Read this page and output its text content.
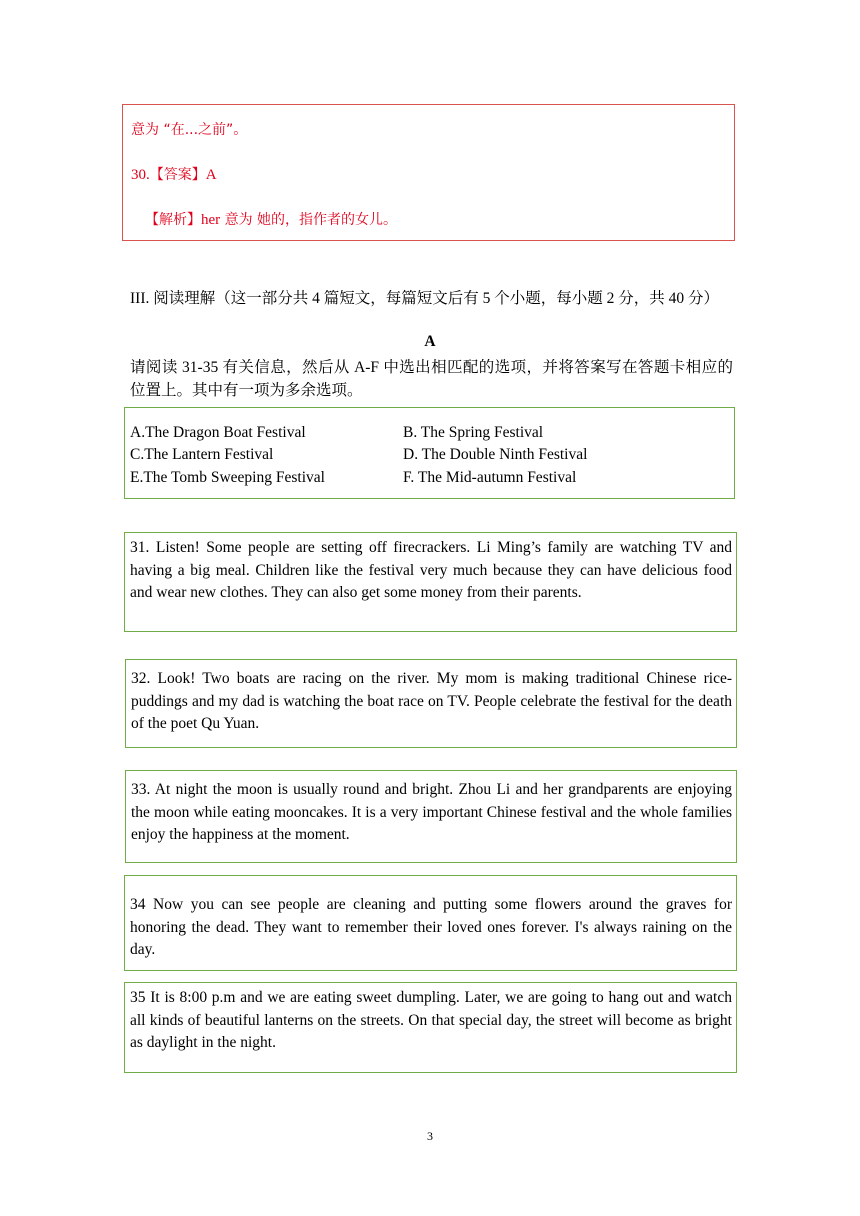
意为 “在...之前”。
30.【答案】A
【解析】her 意为 她的，指作者的女儿。
III. 阅读理解（这一部分共 4 篇短文，每篇短文后有 5 个小题，每小题 2 分，共 40 分）
A
请阅读 31-35 有关信息，然后从 A-F 中选出相匹配的选项，并将答案写在答题卡相应的位置上。其中有一项为多余选项。
A.The Dragon Boat Festival	B. The Spring Festival
C.The Lantern Festival	D. The Double Ninth Festival
E.The Tomb Sweeping Festival	F. The Mid-autumn Festival
31. Listen! Some people are setting off firecrackers. Li Ming’s family are watching TV and having a big meal. Children like the festival very much because they can have delicious food and wear new clothes. They can also get some money from their parents.
32. Look! Two boats are racing on the river. My mom is making traditional Chinese rice-puddings and my dad is watching the boat race on TV. People celebrate the festival for the death of the poet Qu Yuan.
33. At night the moon is usually round and bright. Zhou Li and her grandparents are enjoying the moon while eating mooncakes. It is a very important Chinese festival and the whole families enjoy the happiness at the moment.
34 Now you can see people are cleaning and putting some flowers around the graves for honoring the dead. They want to remember their loved ones forever. I's always raining on the day.
35 It is 8:00 p.m and we are eating sweet dumpling. Later, we are going to hang out and watch all kinds of beautiful lanterns on the streets. On that special day, the street will become as bright as daylight in the night.
3
